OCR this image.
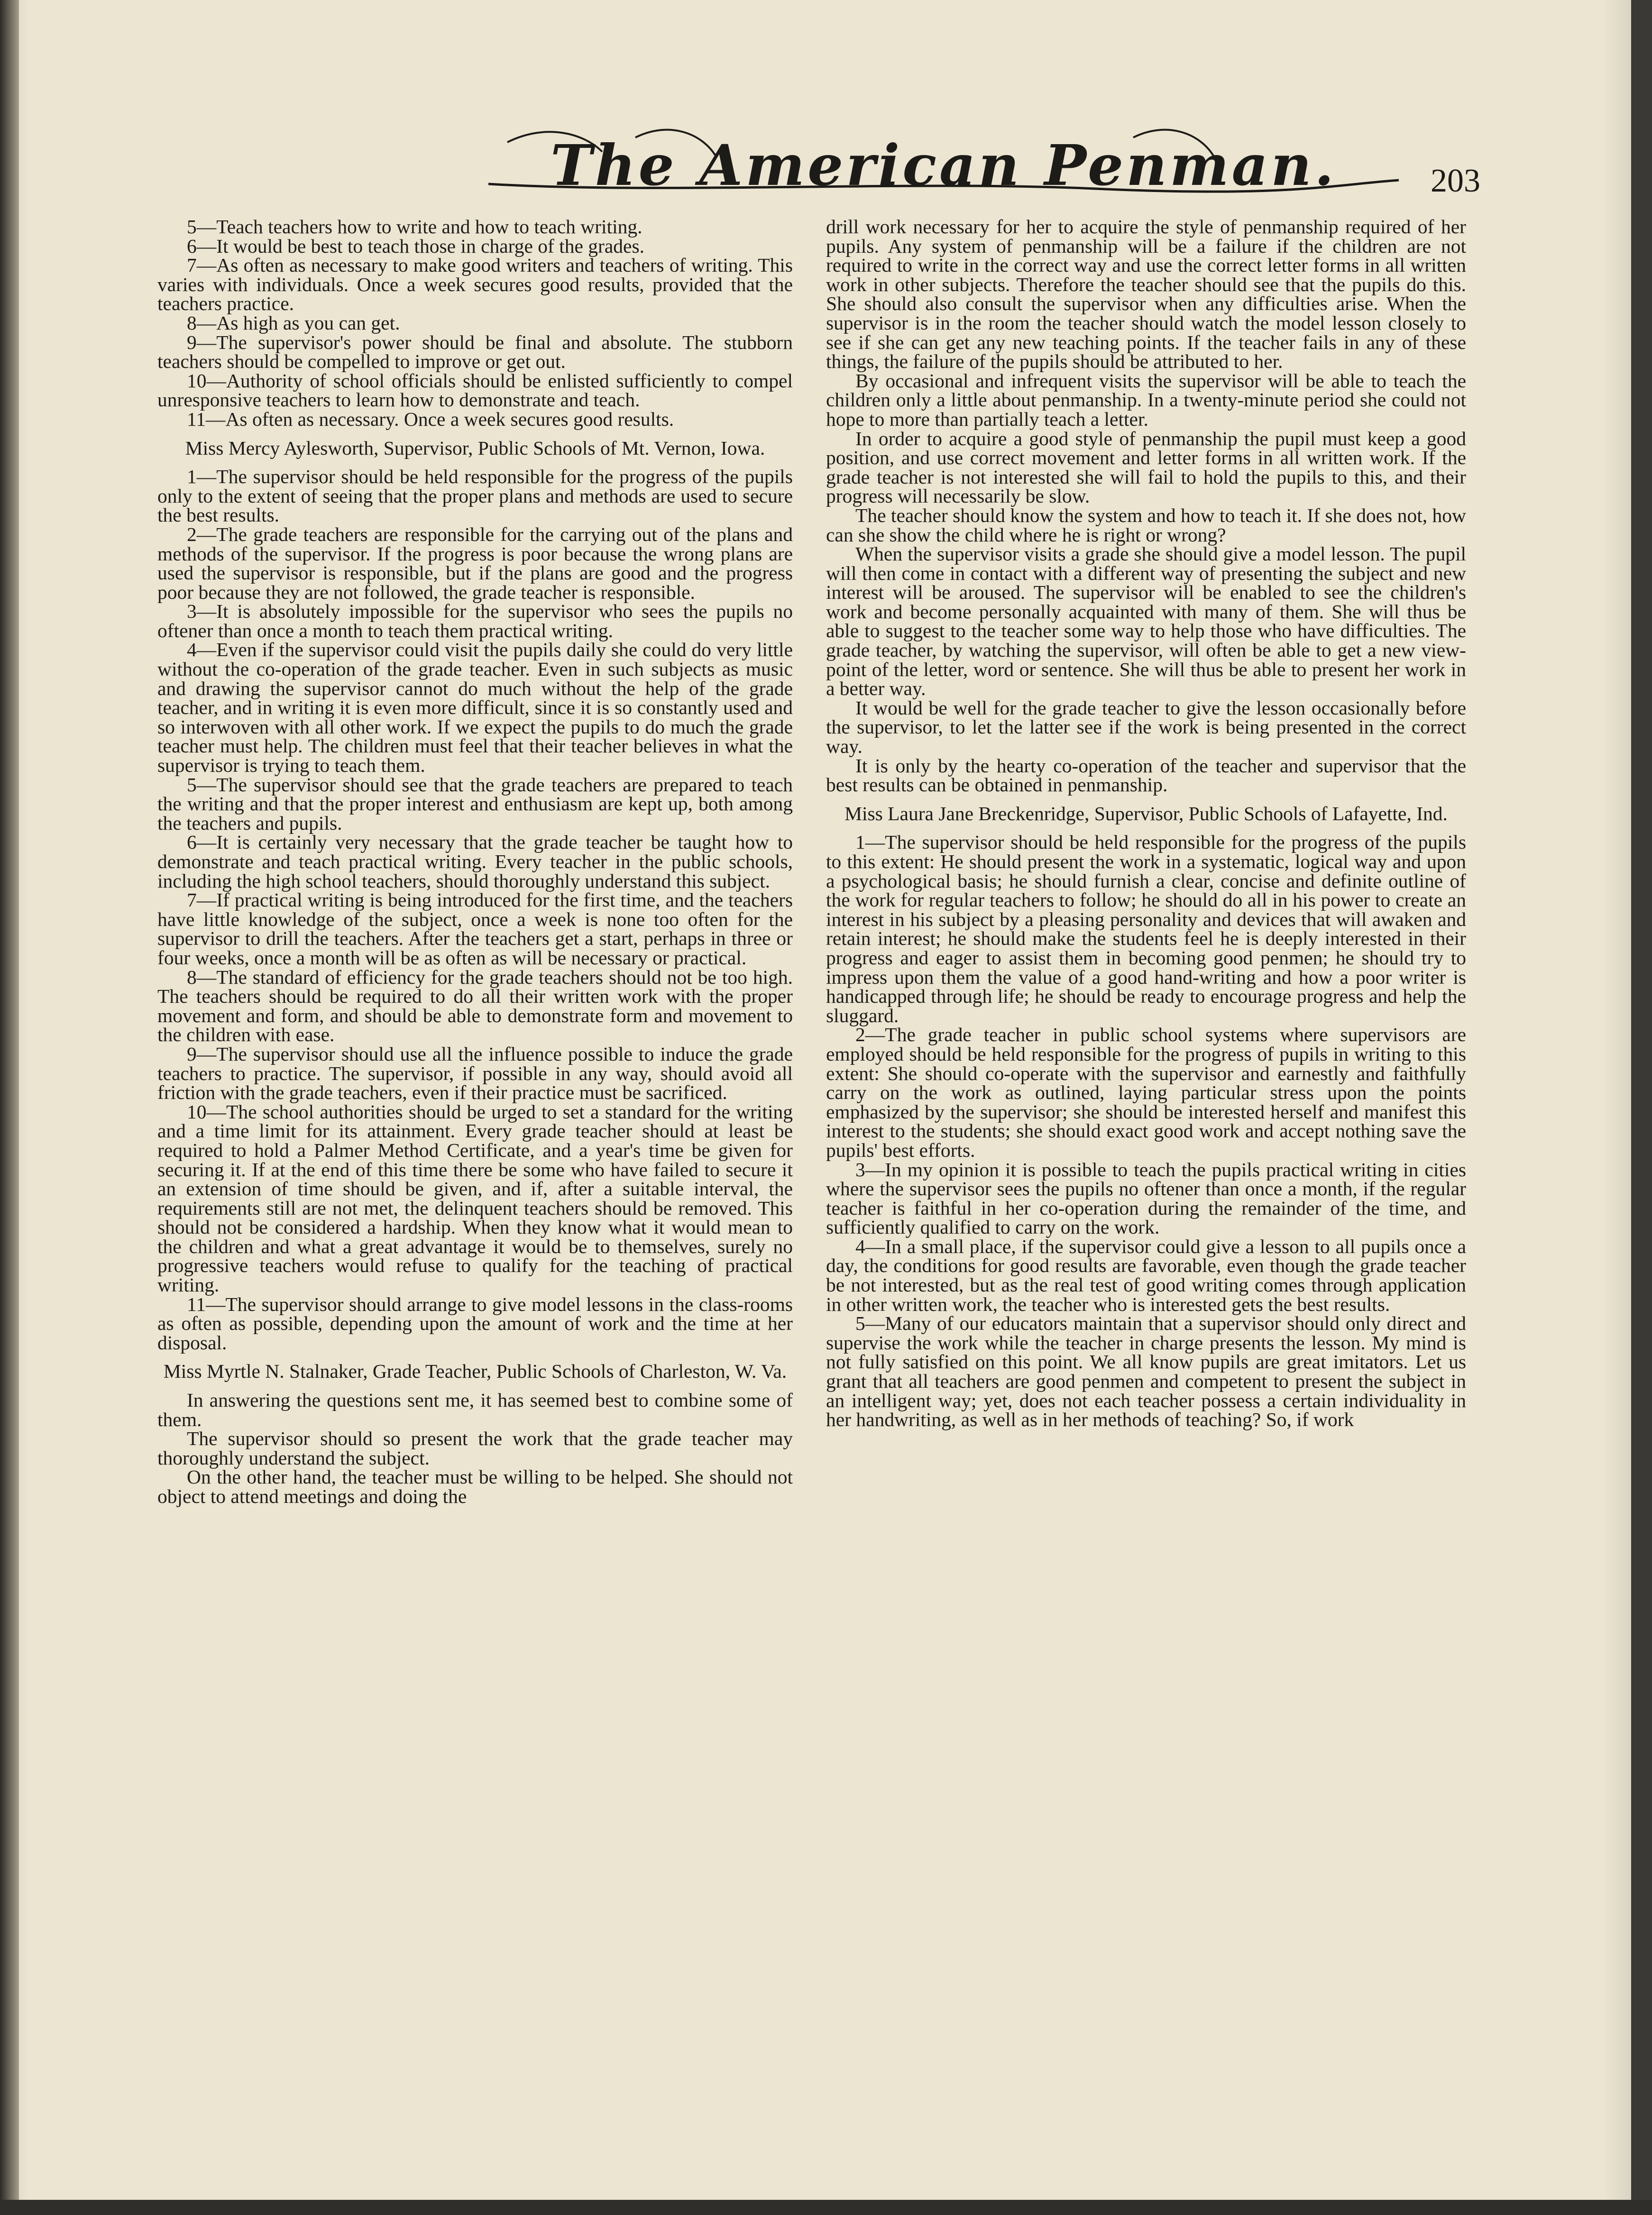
The American Penman.	203

5—Teach teachers how to write and how to teach writing.

6—It would be best to teach those in charge of the grades.

7—As often as necessary to make good writers and teachers of writing. This varies with individuals. Once a week secures good results, provided that the teachers practice.

8—As high as you can get.

9—The supervisor's power should be final and absolute. The stubborn teachers should be compelled to improve or get out.

10—Authority of school officials should be enlisted sufficiently to compel unresponsive teachers to learn how to demonstrate and teach.

11—As often as necessary. Once a week secures good results.

Miss Mercy Aylesworth, Supervisor, Public Schools of Mt. Vernon, Iowa.

1—The supervisor should be held responsible for the progress of the pupils only to the extent of seeing that the proper plans and methods are used to secure the best results.

2—The grade teachers are responsible for the carrying out of the plans and methods of the supervisor. If the progress is poor because the wrong plans are used the supervisor is responsible, but if the plans are good and the progress poor because they are not followed, the grade teacher is responsible.

3—It is absolutely impossible for the supervisor who sees the pupils no oftener than once a month to teach them practical writing.

4—Even if the supervisor could visit the pupils daily she could do very little without the co-operation of the grade teacher. Even in such subjects as music and drawing the supervisor cannot do much without the help of the grade teacher, and in writing it is even more difficult, since it is so constantly used and so interwoven with all other work. If we expect the pupils to do much the grade teacher must help. The children must feel that their teacher believes in what the supervisor is trying to teach them.

5—The supervisor should see that the grade teachers are prepared to teach the writing and that the proper interest and enthusiasm are kept up, both among the teachers and pupils.

6—It is certainly very necessary that the grade teacher be taught how to demonstrate and teach practical writing. Every teacher in the public schools, including the high school teachers, should thoroughly understand this subject.

7—If practical writing is being introduced for the first time, and the teachers have little knowledge of the subject, once a week is none too often for the supervisor to drill the teachers. After the teachers get a start, perhaps in three or four weeks, once a month will be as often as will be necessary or practical.

8—The standard of efficiency for the grade teachers should not be too high. The teachers should be required to do all their written work with the proper movement and form, and should be able to demonstrate form and movement to the children with ease.

9—The supervisor should use all the influence possible to induce the grade teachers to practice. The supervisor, if possible in any way, should avoid all friction with the grade teachers, even if their practice must be sacrificed.

10—The school authorities should be urged to set a standard for the writing and a time limit for its attainment. Every grade teacher should at least be required to hold a Palmer Method Certificate, and a year's time be given for securing it. If at the end of this time there be some who have failed to secure it an extension of time should be given, and if, after a suitable interval, the requirements still are not met, the delinquent teachers should be removed. This should not be considered a hardship. When they know what it would mean to the children and what a great advantage it would be to themselves, surely no progressive teachers would refuse to qualify for the teaching of practical writing.

11—The supervisor should arrange to give model lessons in the class-rooms as often as possible, depending upon the amount of work and the time at her disposal.

Miss Myrtle N. Stalnaker, Grade Teacher, Public Schools of Charleston, W. Va.

In answering the questions sent me, it has seemed best to combine some of them.

The supervisor should so present the work that the grade teacher may thoroughly understand the subject.

On the other hand, the teacher must be willing to be helped. She should not object to attend meetings and doing the

drill work necessary for her to acquire the style of penmanship required of her pupils. Any system of penmanship will be a failure if the children are not required to write in the correct way and use the correct letter forms in all written work in other subjects. Therefore the teacher should see that the pupils do this. She should also consult the supervisor when any difficulties arise. When the supervisor is in the room the teacher should watch the model lesson closely to see if she can get any new teaching points. If the teacher fails in any of these things, the failure of the pupils should be attributed to her.

By occasional and infrequent visits the supervisor will be able to teach the children only a little about penmanship. In a twenty-minute period she could not hope to more than partially teach a letter.

In order to acquire a good style of penmanship the pupil must keep a good position, and use correct movement and letter forms in all written work. If the grade teacher is not interested she will fail to hold the pupils to this, and their progress will necessarily be slow.

The teacher should know the system and how to teach it. If she does not, how can she show the child where he is right or wrong?

When the supervisor visits a grade she should give a model lesson. The pupil will then come in contact with a different way of presenting the subject and new interest will be aroused. The supervisor will be enabled to see the children's work and become personally acquainted with many of them. She will thus be able to suggest to the teacher some way to help those who have difficulties. The grade teacher, by watching the supervisor, will often be able to get a new view-point of the letter, word or sentence. She will thus be able to present her work in a better way.

It would be well for the grade teacher to give the lesson occasionally before the supervisor, to let the latter see if the work is being presented in the correct way.

It is only by the hearty co-operation of the teacher and supervisor that the best results can be obtained in penmanship.

Miss Laura Jane Breckenridge, Supervisor, Public Schools of Lafayette, Ind.

1—The supervisor should be held responsible for the progress of the pupils to this extent: He should present the work in a systematic, logical way and upon a psychological basis; he should furnish a clear, concise and definite outline of the work for regular teachers to follow; he should do all in his power to create an interest in his subject by a pleasing personality and devices that will awaken and retain interest; he should make the students feel he is deeply interested in their progress and eager to assist them in becoming good penmen; he should try to impress upon them the value of a good hand-writing and how a poor writer is handicapped through life; he should be ready to encourage progress and help the sluggard.

2—The grade teacher in public school systems where supervisors are employed should be held responsible for the progress of pupils in writing to this extent: She should co-operate with the supervisor and earnestly and faithfully carry on the work as outlined, laying particular stress upon the points emphasized by the supervisor; she should be interested herself and manifest this interest to the students; she should exact good work and accept nothing save the pupils' best efforts.

3—In my opinion it is possible to teach the pupils practical writing in cities where the supervisor sees the pupils no oftener than once a month, if the regular teacher is faithful in her co-operation during the remainder of the time, and sufficiently qualified to carry on the work.

4—In a small place, if the supervisor could give a lesson to all pupils once a day, the conditions for good results are favorable, even though the grade teacher be not interested, but as the real test of good writing comes through application in other written work, the teacher who is interested gets the best results.

5—Many of our educators maintain that a supervisor should only direct and supervise the work while the teacher in charge presents the lesson. My mind is not fully satisfied on this point. We all know pupils are great imitators. Let us grant that all teachers are good penmen and competent to present the subject in an intelligent way; yet, does not each teacher possess a certain individuality in her handwriting, as well as in her methods of teaching? So, if work
